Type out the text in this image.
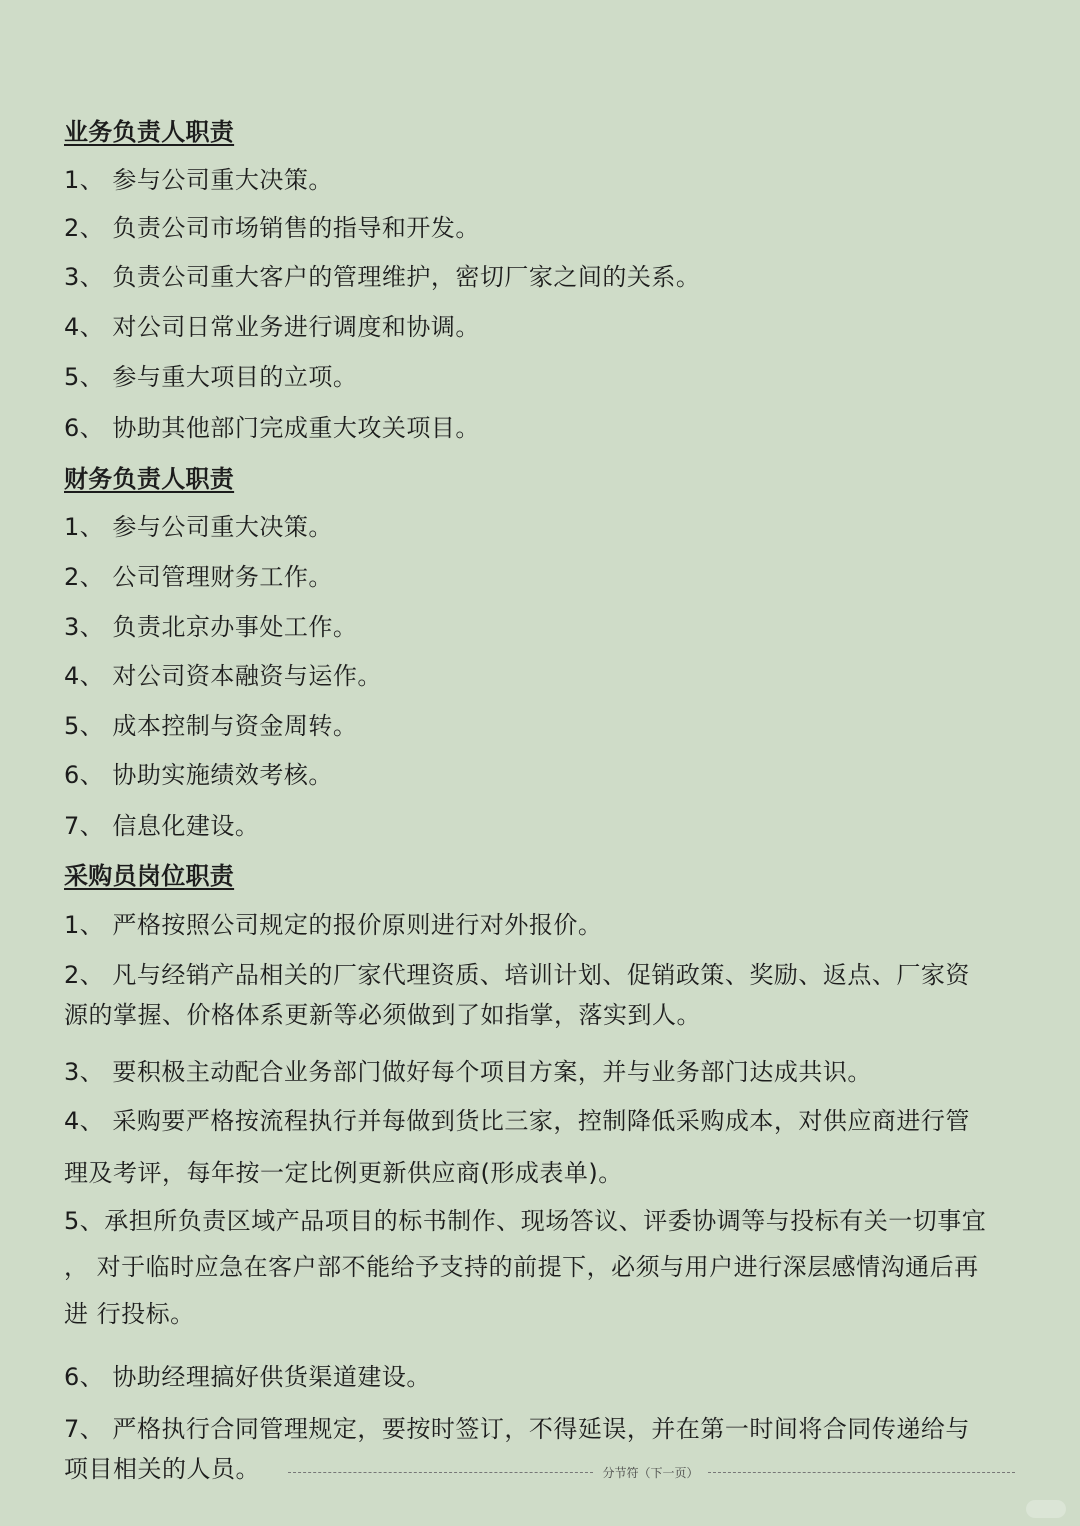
业务负责人职责
1、 参与公司重大决策。
2、 负责公司市场销售的指导和开发。
3、 负责公司重大客户的管理维护，密切厂家之间的关系。
4、 对公司日常业务进行调度和协调。
5、 参与重大项目的立项。
6、 协助其他部门完成重大攻关项目。
财务负责人职责
1、 参与公司重大决策。
2、 公司管理财务工作。
3、 负责北京办事处工作。
4、 对公司资本融资与运作。
5、 成本控制与资金周转。
6、 协助实施绩效考核。
7、 信息化建设。
采购员岗位职责
1、 严格按照公司规定的报价原则进行对外报价。
2、 凡与经销产品相关的厂家代理资质、培训计划、促销政策、奖励、返点、厂家资
源的掌握、价格体系更新等必须做到了如指掌，落实到人。
3、 要积极主动配合业务部门做好每个项目方案，并与业务部门达成共识。
4、 采购要严格按流程执行并每做到货比三家，控制降低采购成本，对供应商进行管
理及考评，每年按一定比例更新供应商(形成表单)。
5、承担所负责区域产品项目的标书制作、现场答议、评委协调等与投标有关一切事宜
， 对于临时应急在客户部不能给予支持的前提下，必须与用户进行深层感情沟通后再
进 行投标。
6、 协助经理搞好供货渠道建设。
7、 严格执行合同管理规定，要按时签订，不得延误，并在第一时间将合同传递给与
项目相关的人员。	分节符（下一页）
